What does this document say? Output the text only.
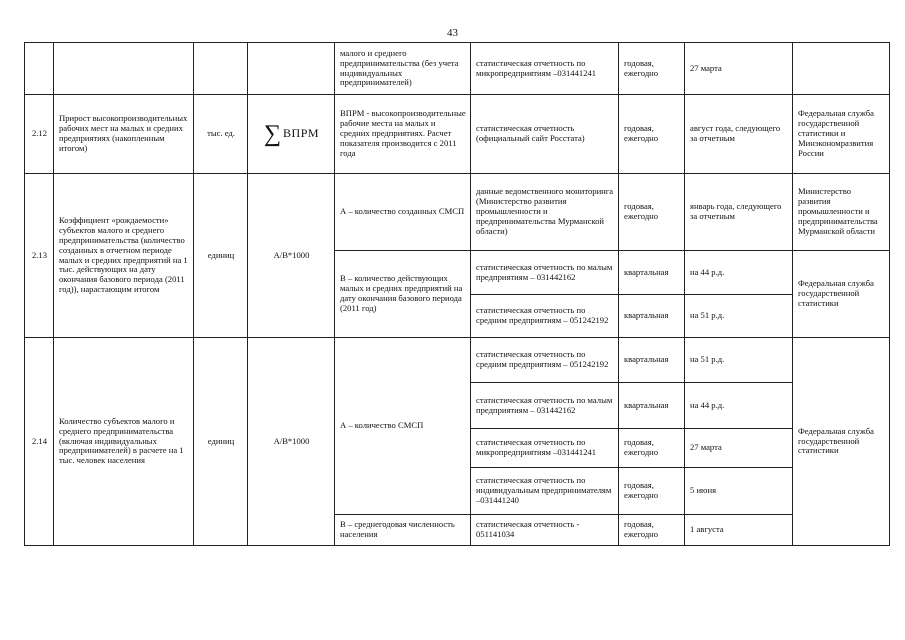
43
				малого и среднего предпринимательства (без учета индивидуальных предпринимателей)	статистическая отчетность по микропредприятиям –031441241	годовая, ежегодно	27 марта	
2.12	Прирост высокопроизводительных рабочих мест на малых и средних предприятиях (накопленным итогом)	тыс. ед.	∑ ВПРМ	ВПРМ - высокопроизводительные рабочие места на малых и средних предприятиях. Расчет показателя производится с 2011 года	статистическая отчетность (официальный сайт Росстата)	годовая, ежегодно	август года, следующего за отчетным	Федеральная служба государственной статистики и Минэкономразвития России
2.13	Коэффициент «рождаемости» субъектов малого и среднего предпринимательства (количество созданных в отчетном периоде малых и средних предприятий на 1 тыс. действующих на дату окончания базового периода (2011 год)), нарастающим итогом	единиц	А/В*1000	А – количество созданных СМСП	данные ведомственного мониторинга (Министерство развития промышленности и предпринимательства Мурманской области)	годовая, ежегодно	январь года, следующего за отчетным	Министерство развития промышленности и предпринимательства Мурманской области
				В – количество действующих малых и средних предприятий на дату окончания базового периода (2011 год)	статистическая отчетность по малым предприятиям – 031442162	квартальная	на 44 р.д.	Федеральная служба государственной статистики
					статистическая отчетность по средним предприятиям – 051242192	квартальная	на 51 р.д.	
2.14	Количество субъектов малого и среднего предпринимательства (включая индивидуальных предпринимателей) в расчете на 1 тыс. человек населения	единиц	А/В*1000	А – количество СМСП	статистическая отчетность по средним предприятиям – 051242192	квартальная	на 51 р.д.	Федеральная служба государственной статистики
					статистическая отчетность по малым предприятиям – 031442162	квартальная	на 44 р.д.	
					статистическая отчетность по микропредприятиям –031441241	годовая, ежегодно	27 марта	
					статистическая отчетность по индивидуальным предпринимателям –031441240	годовая, ежегодно	5 июня	
				В – среднегодовая численность населения	статистическая отчетность - 051141034	годовая, ежегодно	1 августа	
